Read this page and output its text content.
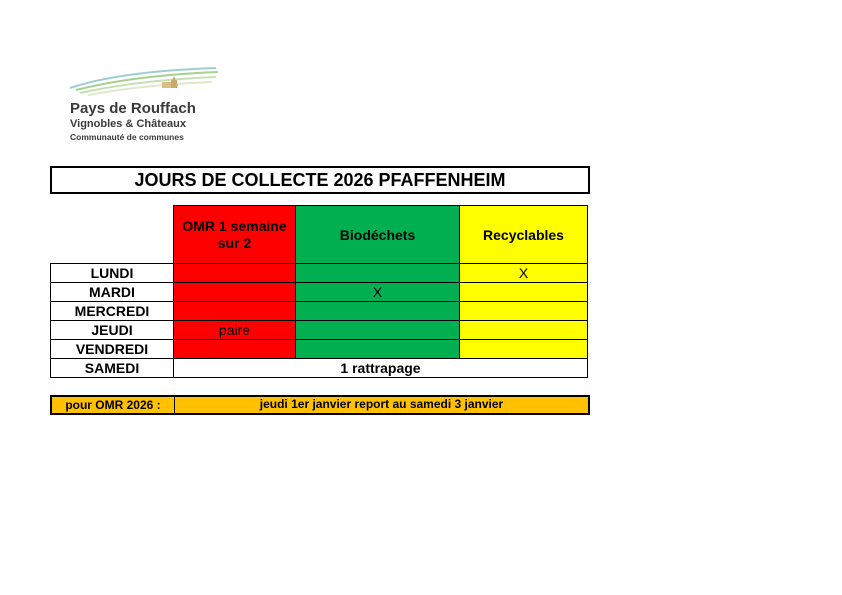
Pays de Rouffach
Vignobles & Châteaux
Communauté de communes
JOURS DE COLLECTE 2026 PFAFFENHEIM
	OMR 1 semaine sur 2	Biodéchets	Recyclables
LUNDI			X
MARDI		X	
MERCREDI			
JEUDI	paire		
VENDREDI			
SAMEDI	1 rattrapage		
pour OMR 2026 :	jeudi 1er janvier report au samedi 3 janvier
